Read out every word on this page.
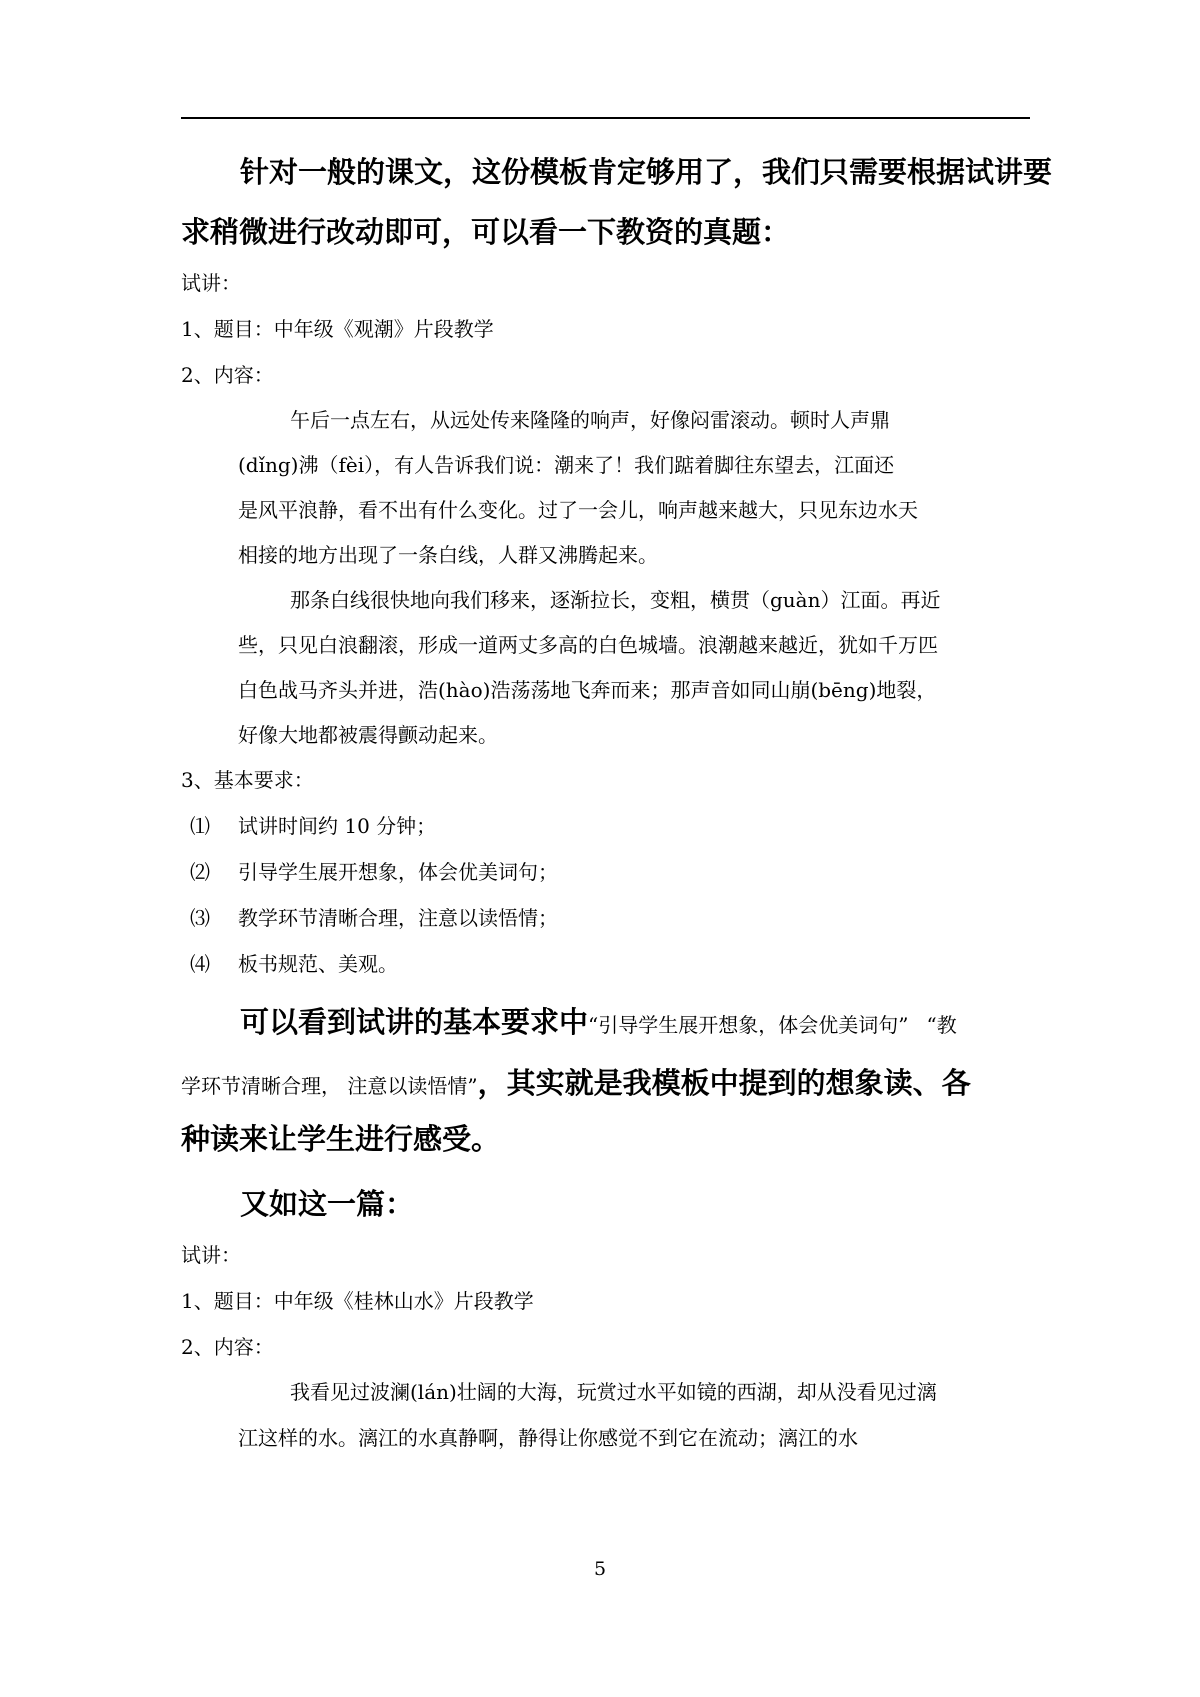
针对一般的课文，这份模板肯定够用了，我们只需要根据试讲要
求稍微进行改动即可，可以看一下教资的真题：
试讲：
1、题目：中年级《观潮》片段教学
2、内容：
午后一点左右，从远处传来隆隆的响声，好像闷雷滚动。顿时人声鼎
(dǐng)沸（fèi），有人告诉我们说：潮来了！我们踮着脚往东望去，江面还
是风平浪静，看不出有什么变化。过了一会儿，响声越来越大，只见东边水天
相接的地方出现了一条白线，人群又沸腾起来。
那条白线很快地向我们移来，逐渐拉长，变粗，横贯（guàn）江面。再近
些，只见白浪翻滚，形成一道两丈多高的白色城墙。浪潮越来越近，犹如千万匹
白色战马齐头并进，浩(hào)浩荡荡地飞奔而来；那声音如同山崩(bēng)地裂，
好像大地都被震得颤动起来。
3、基本要求：
⑴ 试讲时间约 10 分钟；
⑵ 引导学生展开想象，体会优美词句；
⑶ 教学环节清晰合理，注意以读悟情；
⑷ 板书规范、美观。
可以看到试讲的基本要求中“引导学生展开想象，体会优美词句” “教
学环节清晰合理， 注意以读悟情”，其实就是我模板中提到的想象读、各
种读来让学生进行感受。
又如这一篇：
试讲：
1、题目：中年级《桂林山水》片段教学
2、内容：
我看见过波澜(lán)壮阔的大海，玩赏过水平如镜的西湖，却从没看见过漓
江这样的水。漓江的水真静啊，静得让你感觉不到它在流动；漓江的水
5
